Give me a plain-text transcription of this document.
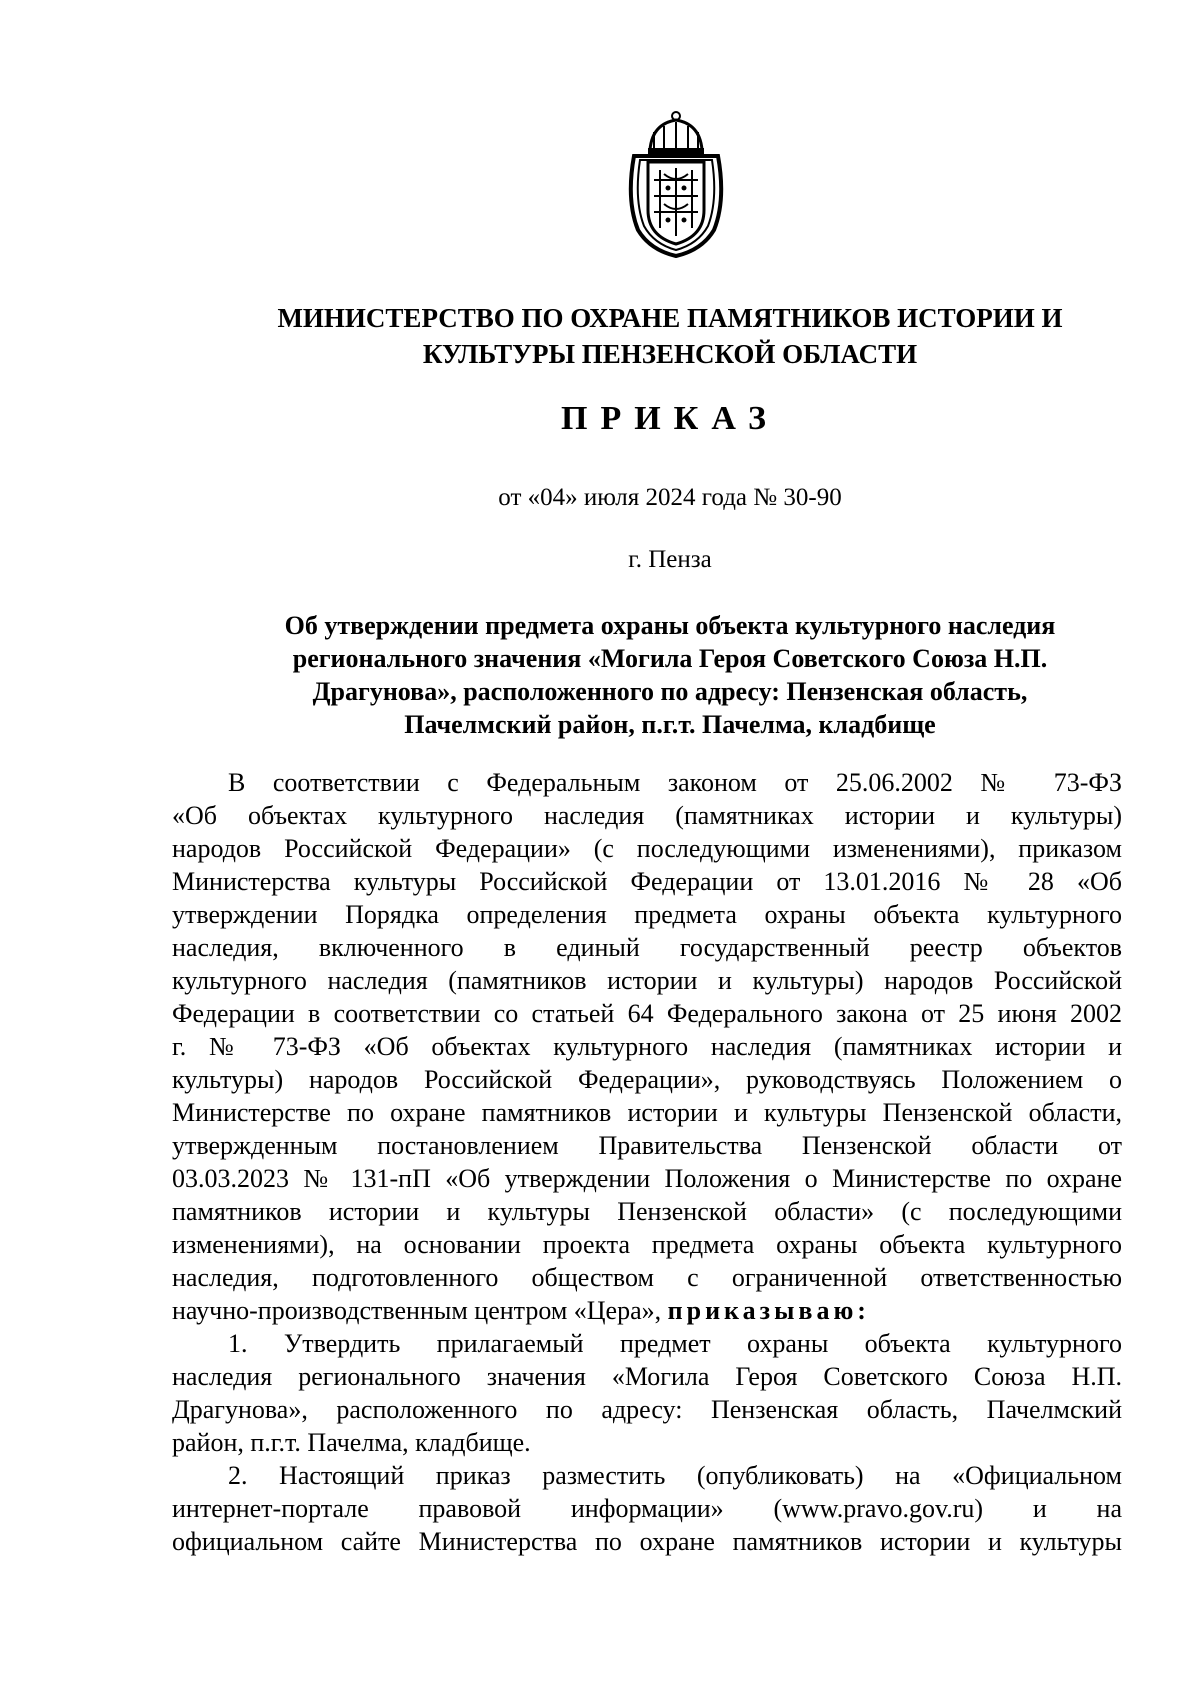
МИНИСТЕРСТВО ПО ОХРАНЕ ПАМЯТНИКОВ ИСТОРИИ И
КУЛЬТУРЫ ПЕНЗЕНСКОЙ ОБЛАСТИ
ПРИКАЗ
от «04» июля 2024 года № 30-90
г. Пенза
Об утверждении предмета охраны объекта культурного наследия
регионального значения «Могила Героя Советского Союза Н.П.
Драгунова», расположенного по адресу: Пензенская область,
Пачелмский район, п.г.т. Пачелма, кладбище
В соответствии с Федеральным законом от 25.06.2002 № 73-ФЗ
«Об объектах культурного наследия (памятниках истории и культуры)
народов Российской Федерации» (с последующими изменениями), приказом
Министерства культуры Российской Федерации от 13.01.2016 № 28 «Об
утверждении Порядка определения предмета охраны объекта культурного
наследия, включенного в единый государственный реестр объектов
культурного наследия (памятников истории и культуры) народов Российской
Федерации в соответствии со статьей 64 Федерального закона от 25 июня 2002
г. № 73-ФЗ «Об объектах культурного наследия (памятниках истории и
культуры) народов Российской Федерации», руководствуясь Положением о
Министерстве по охране памятников истории и культуры Пензенской области,
утвержденным постановлением Правительства Пензенской области от
03.03.2023 № 131-пП «Об утверждении Положения о Министерстве по охране
памятников истории и культуры Пензенской области» (с последующими
изменениями), на основании проекта предмета охраны объекта культурного
наследия, подготовленного обществом с ограниченной ответственностью
научно-производственным центром «Цера», приказываю:
1. Утвердить прилагаемый предмет охраны объекта культурного
наследия регионального значения «Могила Героя Советского Союза Н.П.
Драгунова», расположенного по адресу: Пензенская область, Пачелмский
район, п.г.т. Пачелма, кладбище.
2. Настоящий приказ разместить (опубликовать) на «Официальном
интернет-портале правовой информации» (www.pravo.gov.ru) и на
официальном сайте Министерства по охране памятников истории и культуры
